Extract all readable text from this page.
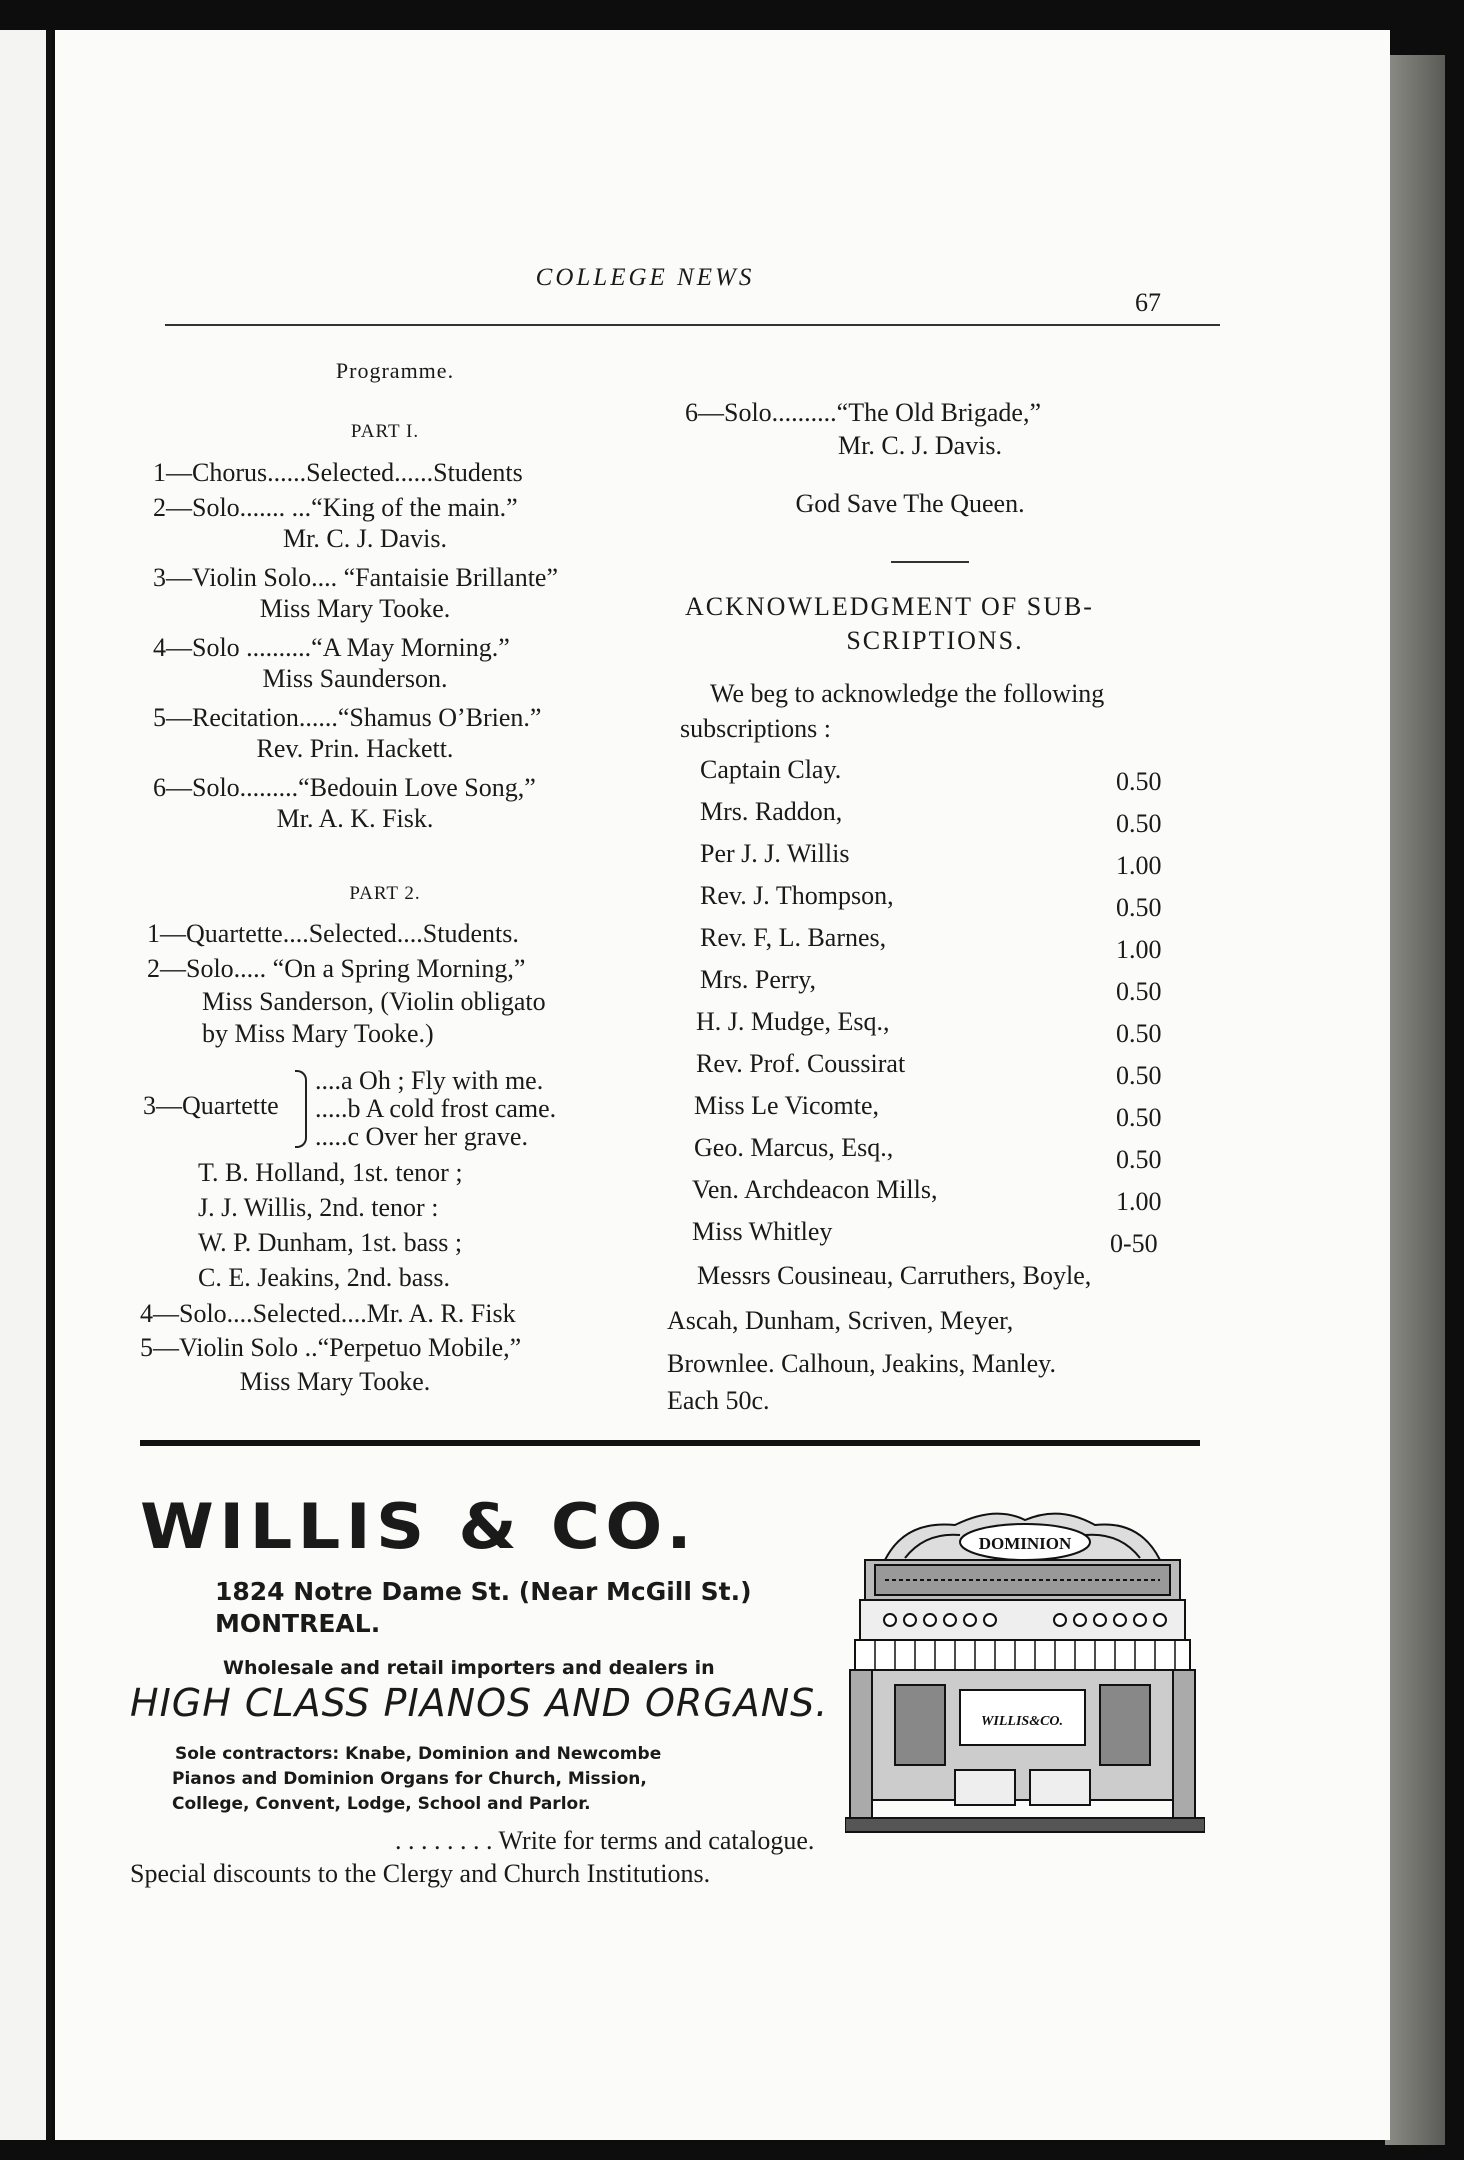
COLLEGE NEWS
67
Programme.
PART I.
1—Chorus......Selected......Students
2—Solo....... ...“King of the main.”
Mr. C. J. Davis.
3—Violin Solo.... “Fantaisie Brillante”
Miss Mary Tooke.
4—Solo ..........“A May Morning.”
Miss Saunderson.
5—Recitation......“Shamus O’Brien.”
Rev. Prin. Hackett.
6—Solo.........“Bedouin Love Song,”
Mr. A. K. Fisk.
PART 2.
1—Quartette....Selected....Students.
2—Solo..... “On a Spring Morning,”
Miss Sanderson, (Violin obligato
by Miss Mary Tooke.)
3—Quartette
....a Oh ; Fly with me.
.....b A cold frost came.
.....c Over her grave.
T. B. Holland, 1st. tenor ;
J. J. Willis, 2nd. tenor :
W. P. Dunham, 1st. bass ;
C. E. Jeakins, 2nd. bass.
4—Solo....Selected....Mr. A. R. Fisk
5—Violin Solo ..“Perpetuo Mobile,”
Miss Mary Tooke.
6—Solo..........“The Old Brigade,”
Mr. C. J. Davis.
God Save The Queen.
ACKNOWLEDGMENT OF SUB-
SCRIPTIONS.
We beg to acknowledge the following
subscriptions :
Captain Clay.	0.50
Mrs. Raddon,	0.50
Per J. J. Willis	1.00
Rev. J. Thompson,	0.50
Rev. F, L. Barnes,	1.00
Mrs. Perry,	0.50
H. J. Mudge, Esq.,	0.50
Rev. Prof. Coussirat	0.50
Miss Le Vicomte,	0.50
Geo. Marcus, Esq.,	0.50
Ven. Archdeacon Mills,	1.00
Miss Whitley	0-50
Messrs Cousineau, Carruthers, Boyle,
Ascah, Dunham, Scriven, Meyer,
Brownlee. Calhoun, Jeakins, Manley.
Each 50c.
WILLIS & CO.
1824 Notre Dame St. (Near McGill St.)
MONTREAL.
Wholesale and retail importers and dealers in
HIGH CLASS PIANOS AND ORGANS.
Sole contractors: Knabe, Dominion and Newcombe
Pianos and Dominion Organs for Church, Mission,
College, Convent, Lodge, School and Parlor.
. . . . . . . . Write for terms and catalogue.
Special discounts to the Clergy and Church Institutions.
DOMINION
WILLIS&CO.
